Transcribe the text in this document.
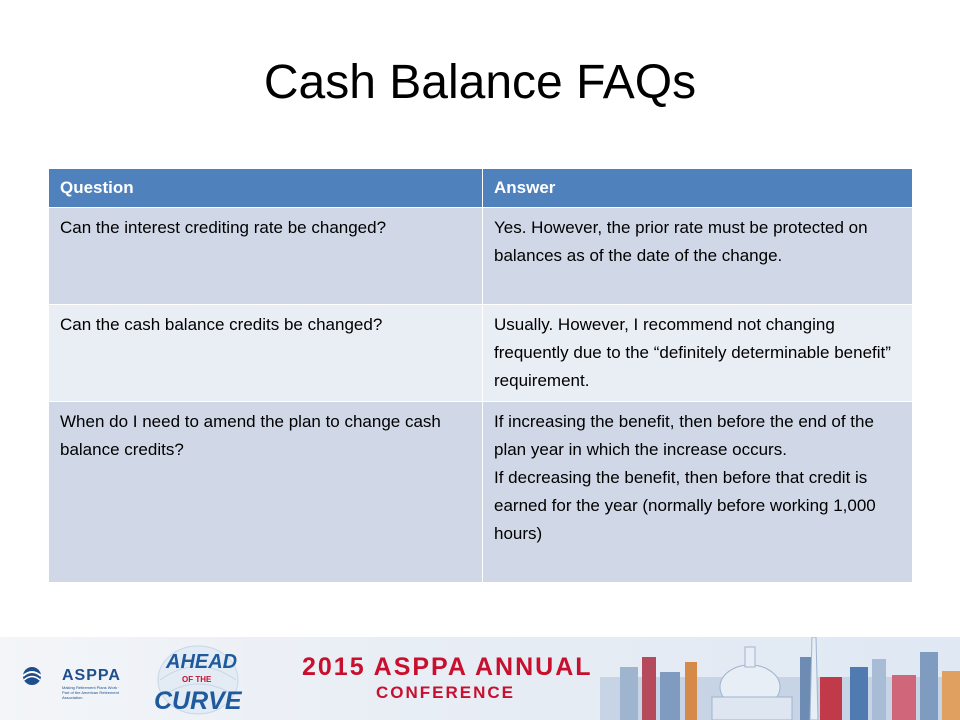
Cash Balance FAQs
Question	Answer
Can the interest crediting rate be changed?	Yes. However, the prior rate must be protected on balances as of the date of the change.

Can the cash balance credits be changed?	Usually. However, I recommend not changing frequently due to the “definitely determinable benefit” requirement.

When do I need to amend the plan to change cash balance credits?	If increasing the benefit, then before the end of the plan year in which the increase occurs.
If decreasing the benefit, then before that credit is earned for the year (normally before working 1,000 hours)
ASPPA
Making Retirement Plans Work · Part of the American Retirement Association
AHEAD
OF THE
CURVE
2015 ASPPA ANNUAL
CONFERENCE
